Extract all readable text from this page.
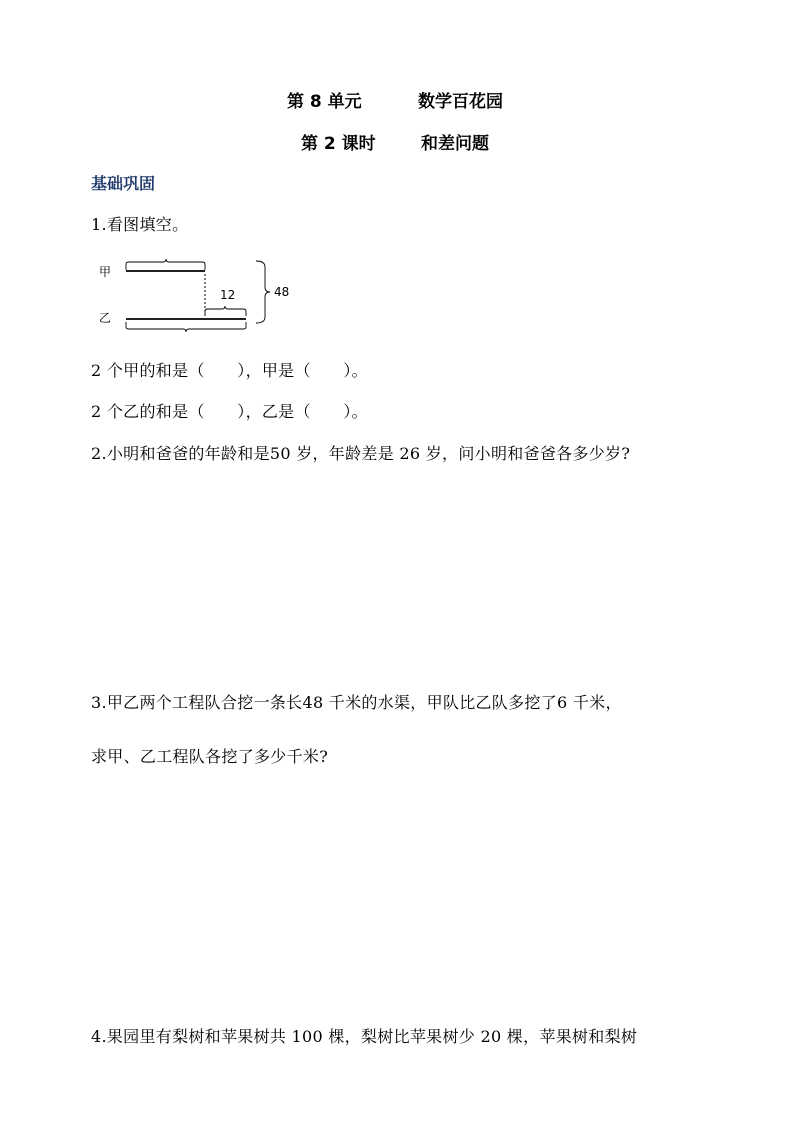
第 8 单元	数学百花园
第 2 课时	和差问题
基础巩固
1.看图填空。
甲
乙
12	48
2 个甲的和是（　　），甲是（　　）。
2 个乙的和是（　　），乙是（　　）。
2.小明和爸爸的年龄和是50 岁，年龄差是 26 岁，问小明和爸爸各多少岁?
3.甲乙两个工程队合挖一条长48 千米的水渠，甲队比乙队多挖了6 千米，
求甲、乙工程队各挖了多少千米?
4.果园里有梨树和苹果树共 100 棵，梨树比苹果树少 20 棵，苹果树和梨树
